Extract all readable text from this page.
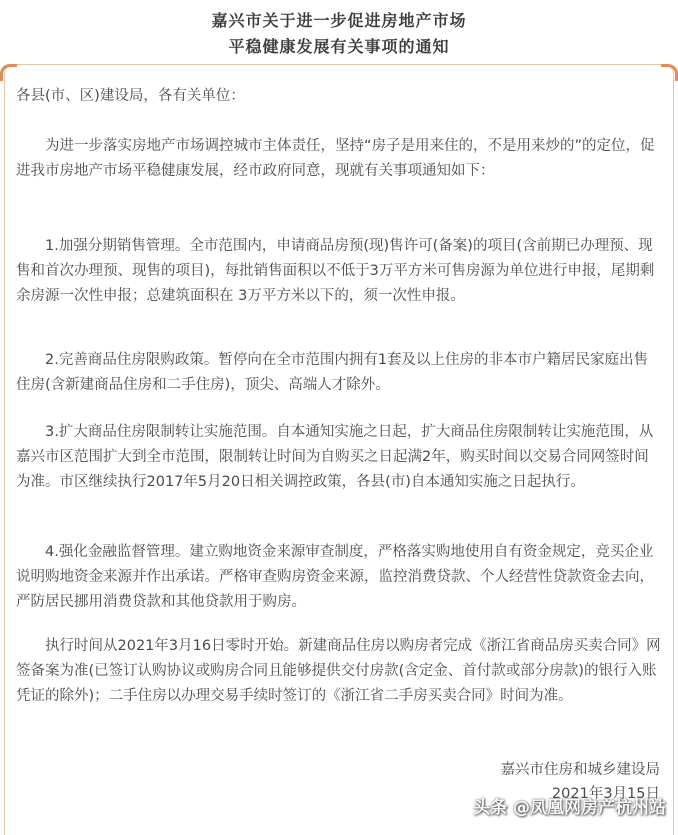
嘉兴市关于进一步促进房地产市场
平稳健康发展有关事项的通知

各县(市、区)建设局，各有关单位：

为进一步落实房地产市场调控城市主体责任，坚持“房子是用来住的，不是用来炒的”的定位，促进我市房地产市场平稳健康发展，经市政府同意，现就有关事项通知如下：

1.加强分期销售管理。全市范围内，申请商品房预(现)售许可(备案)的项目(含前期已办理预、现售和首次办理预、现售的项目)，每批销售面积以不低于3万平方米可售房源为单位进行申报，尾期剩余房源一次性申报；总建筑面积在 3万平方米以下的，须一次性申报。

2.完善商品住房限购政策。暂停向在全市范围内拥有1套及以上住房的非本市户籍居民家庭出售住房(含新建商品住房和二手住房)，顶尖、高端人才除外。

3.扩大商品住房限制转让实施范围。自本通知实施之日起，扩大商品住房限制转让实施范围，从嘉兴市区范围扩大到全市范围，限制转让时间为自购买之日起满2年，购买时间以交易合同网签时间为准。市区继续执行2017年5月20日相关调控政策，各县(市)自本通知实施之日起执行。

4.强化金融监督管理。建立购地资金来源审查制度，严格落实购地使用自有资金规定，竞买企业说明购地资金来源并作出承诺。严格审查购房资金来源，监控消费贷款、个人经营性贷款资金去向，严防居民挪用消费贷款和其他贷款用于购房。

执行时间从2021年3月16日零时开始。新建商品住房以购房者完成《浙江省商品房买卖合同》网签备案为准(已签订认购协议或购房合同且能够提供交付房款(含定金、首付款或部分房款)的银行入账凭证的除外)；二手住房以办理交易手续时签订的《浙江省二手房买卖合同》时间为准。

嘉兴市住房和城乡建设局
2021年3月15日
头条 @凤凰网房产杭州站
